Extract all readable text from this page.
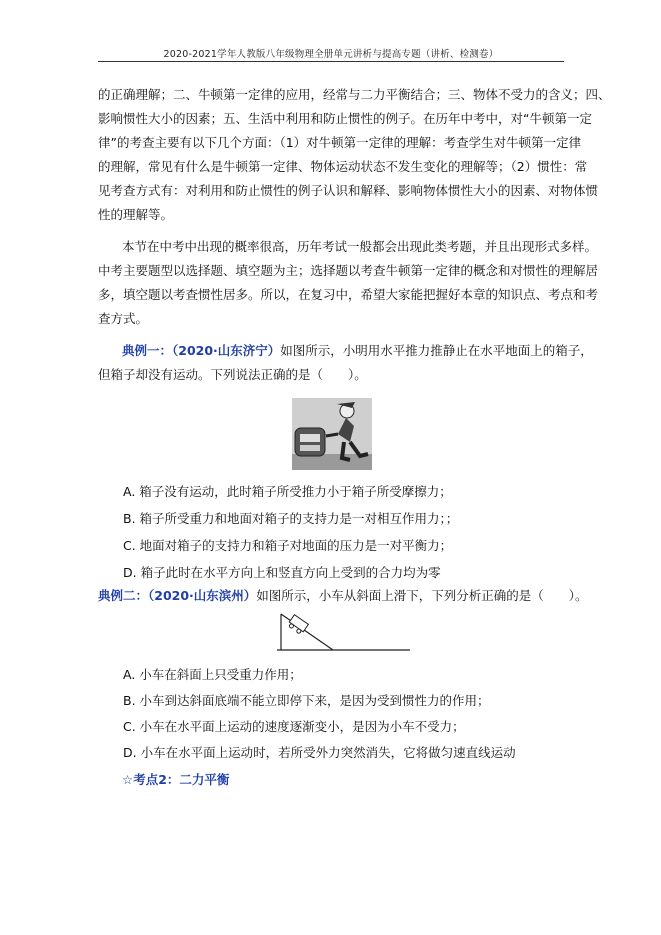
2020-2021学年人教版八年级物理全册单元讲析与提高专题（讲析、检测卷）
的正确理解；二、牛顿第一定律的应用，经常与二力平衡结合；三、物体不受力的含义；四、
影响惯性大小的因素；五、生活中利用和防止惯性的例子。在历年中考中，对“牛顿第一定
律”的考查主要有以下几个方面：（1）对牛顿第一定律的理解：考查学生对牛顿第一定律
的理解，常见有什么是牛顿第一定律、物体运动状态不发生变化的理解等；（2）惯性：常
见考查方式有：对利用和防止惯性的例子认识和解释、影响物体惯性大小的因素、对物体惯
性的理解等。
本节在中考中出现的概率很高，历年考试一般都会出现此类考题，并且出现形式多样。
中考主要题型以选择题、填空题为主；选择题以考查牛顿第一定律的概念和对惯性的理解居
多，填空题以考查惯性居多。所以，在复习中，希望大家能把握好本章的知识点、考点和考
查方式。
典例一：（2020·山东济宁）如图所示，小明用水平推力推静止在水平地面上的箱子，
但箱子却没有运动。下列说法正确的是（　　）。
A. 箱子没有运动，此时箱子所受推力小于箱子所受摩擦力；
B. 箱子所受重力和地面对箱子的支持力是一对相互作用力；；
C. 地面对箱子的支持力和箱子对地面的压力是一对平衡力；
D. 箱子此时在水平方向上和竖直方向上受到的合力均为零
典例二：（2020·山东滨州）如图所示，小车从斜面上滑下，下列分析正确的是（　　）。
A. 小车在斜面上只受重力作用；
B. 小车到达斜面底端不能立即停下来，是因为受到惯性力的作用；
C. 小车在水平面上运动的速度逐渐变小，是因为小车不受力；
D. 小车在水平面上运动时，若所受外力突然消失，它将做匀速直线运动
☆考点2：二力平衡
